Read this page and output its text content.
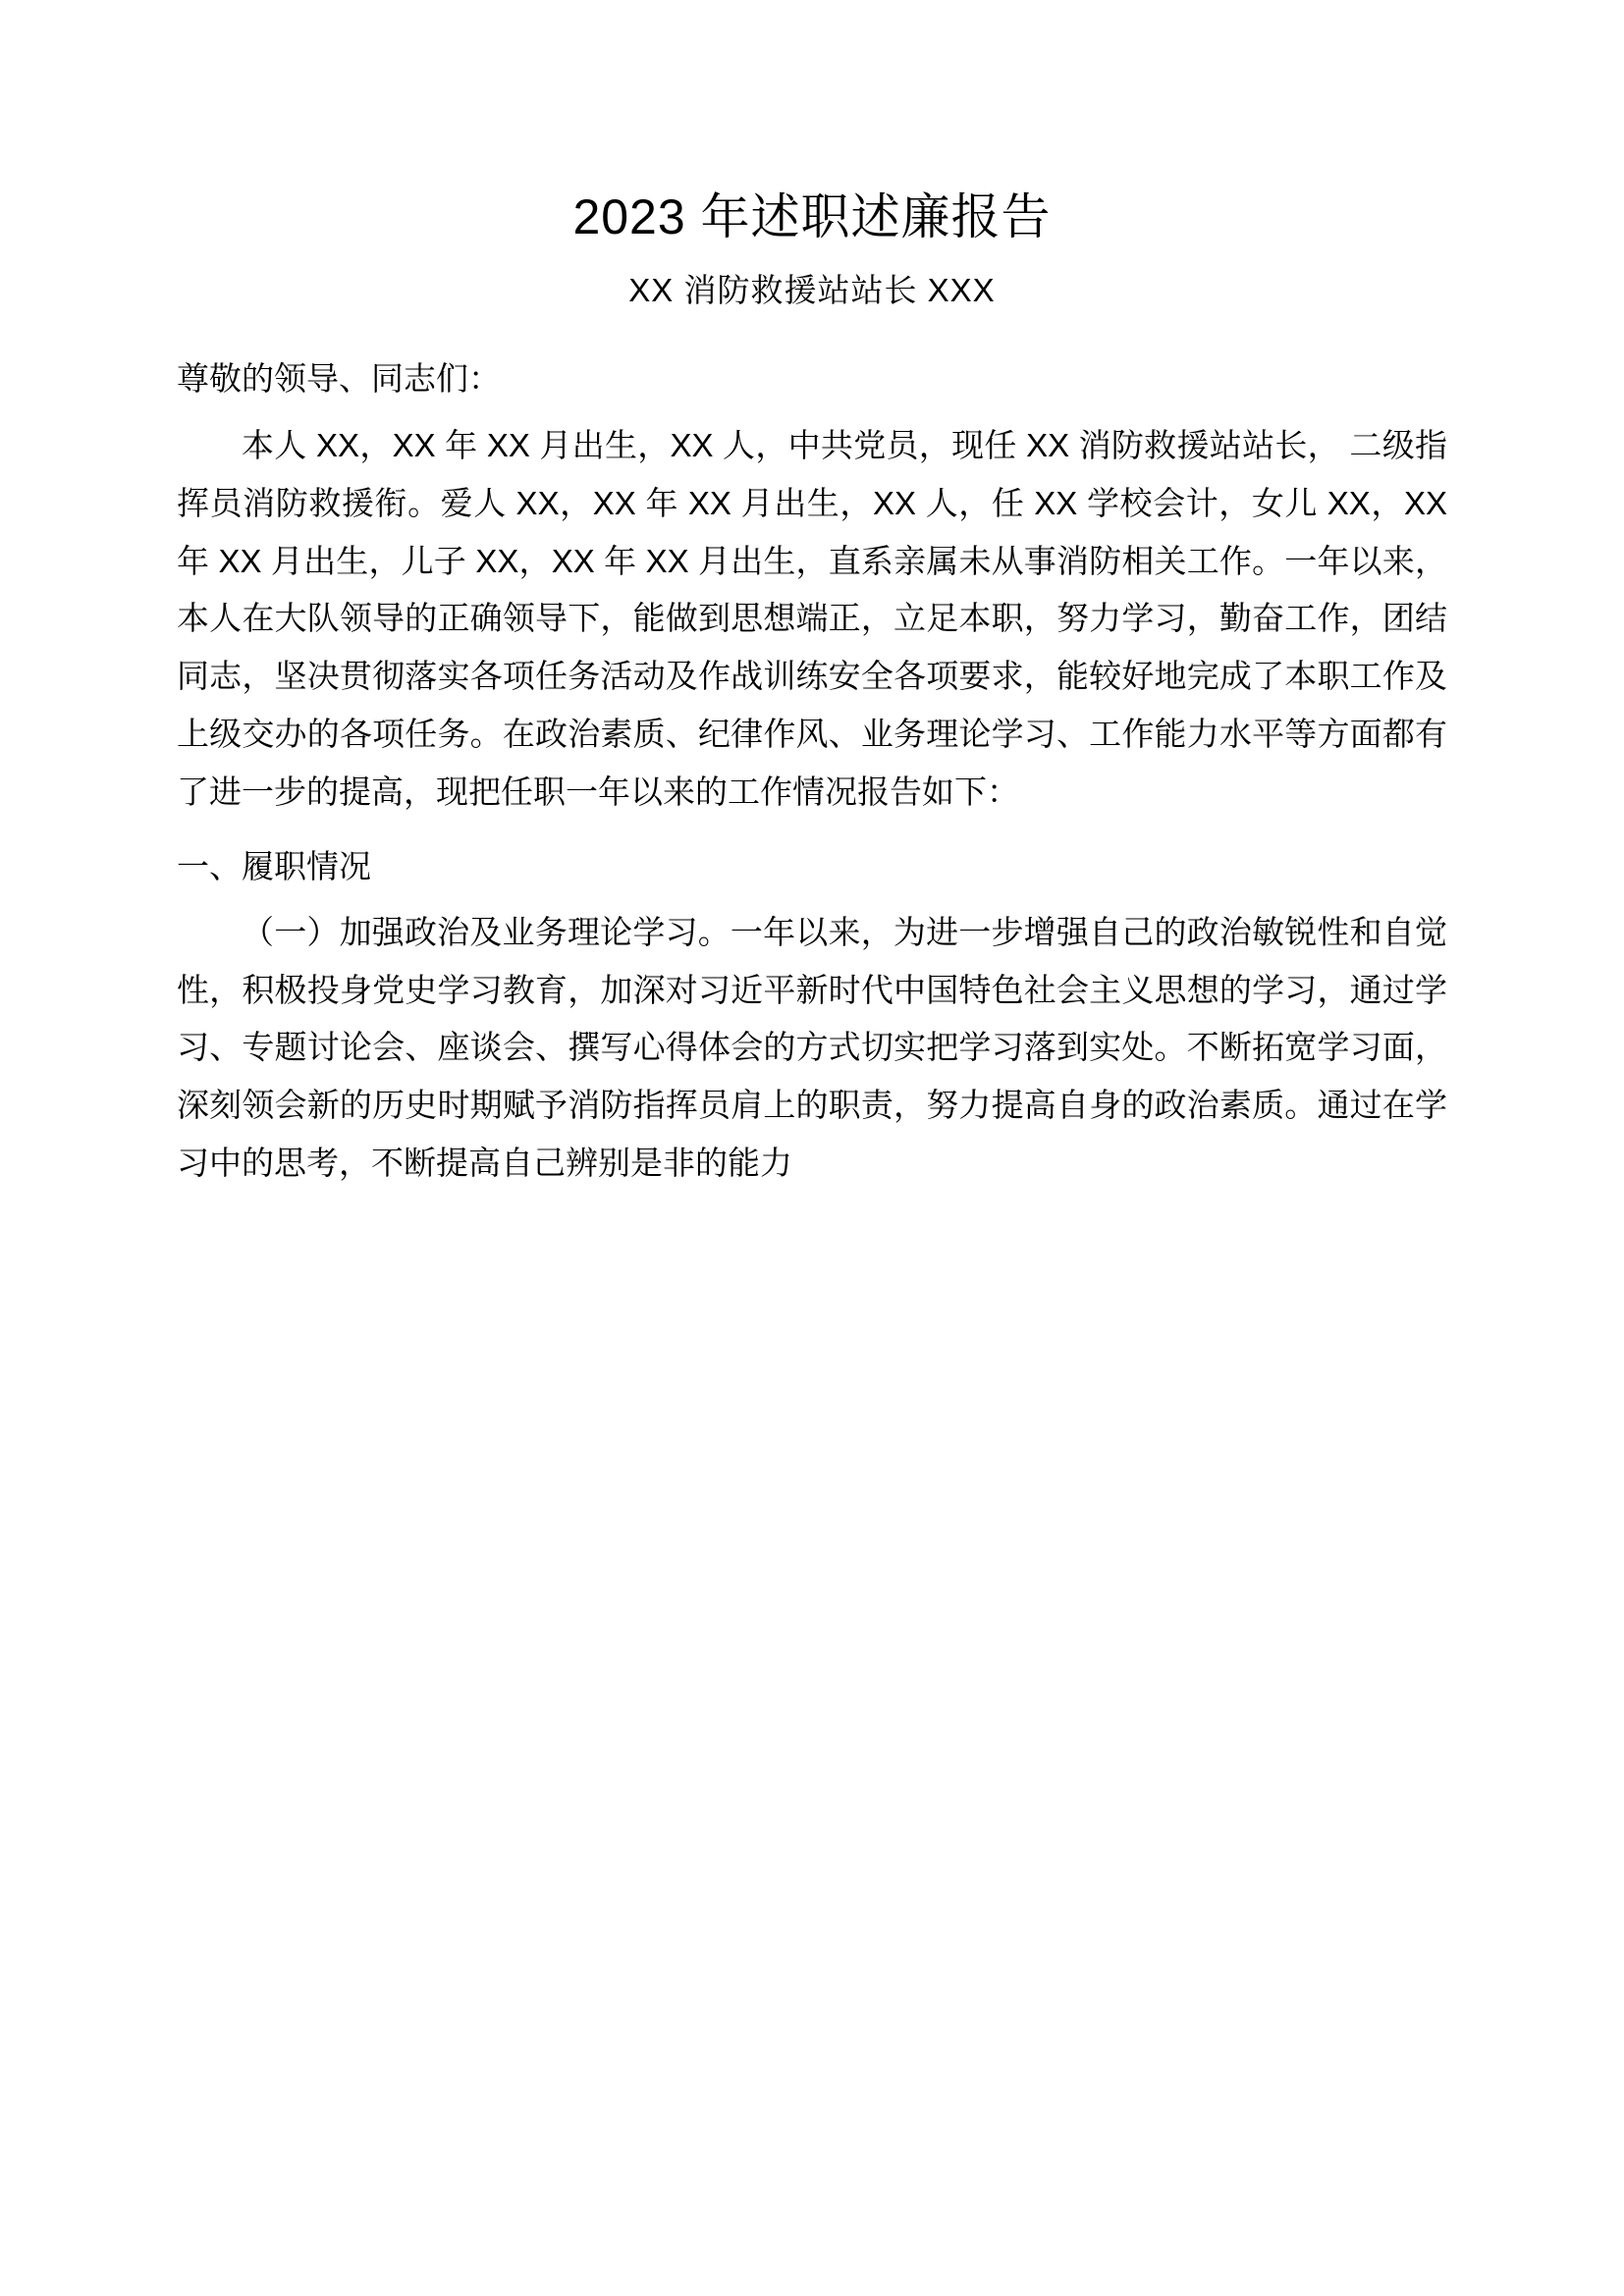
2023 年述职述廉报告
XX 消防救援站站长 XXX

尊敬的领导、同志们：

本人 XX，XX 年 XX 月出生，XX 人，中共党员，现任 XX 消防救援站站长， 二级指挥员消防救援衔。爱人 XX，XX 年 XX 月出生，XX 人，任 XX 学校会计，女儿 XX，XX 年 XX 月出生，儿子 XX，XX 年 XX 月出生，直系亲属未从事消防相关工作。一年以来，本人在大队领导的正确领导下，能做到思想端正，立足本职，努力学习，勤奋工作，团结同志，坚决贯彻落实各项任务活动及作战训练安全各项要求，能较好地完成了本职工作及上级交办的各项任务。在政治素质、纪律作风、业务理论学习、工作能力水平等方面都有了进一步的提高，现把任职一年以来的工作情况报告如下：

一、履职情况

（一）加强政治及业务理论学习。一年以来，为进一步增强自己的政治敏锐性和自觉性，积极投身党史学习教育，加深对习近平新时代中国特色社会主义思想的学习，通过学习、专题讨论会、座谈会、撰写心得体会的方式切实把学习落到实处。不断拓宽学习面，深刻领会新的历史时期赋予消防指挥员肩上的职责，努力提高自身的政治素质。通过在学习中的思考，不断提高自己辨别是非的能力
